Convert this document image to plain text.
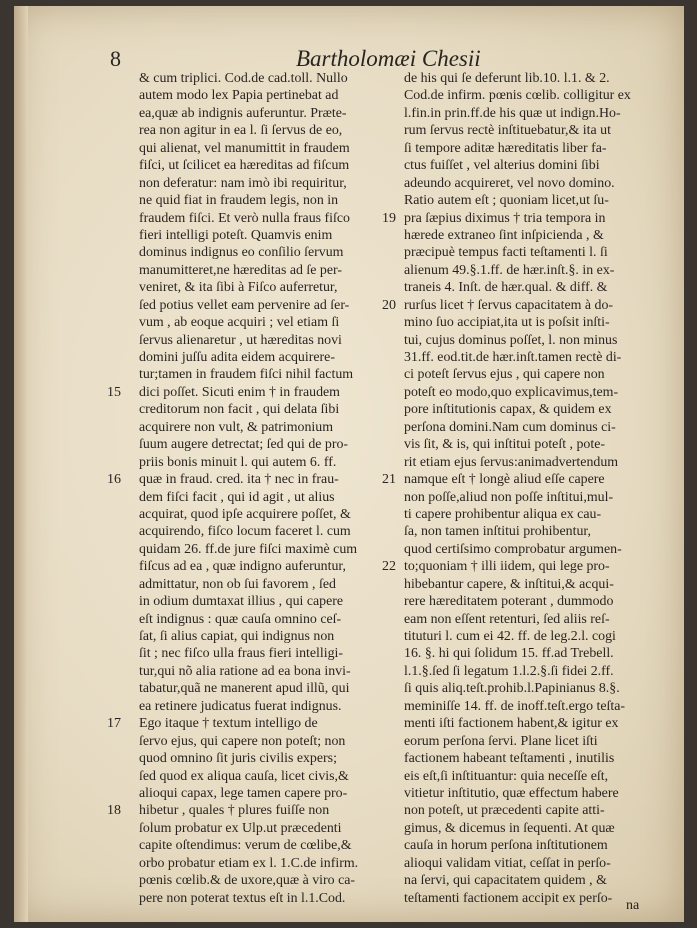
8	Bartholomæi Chesii
& cum triplici. Cod.de cad.toll. Nullo
autem modo lex Papia pertinebat ad
ea,quæ ab indignis auferuntur. Præte-
rea non agitur in ea l. ſi ſervus de eo,
qui alienat, vel manumittit in fraudem
fiſci, ut ſcilicet ea hæreditas ad fiſcum
non deferatur: nam imò ibi requiritur,
ne quid fiat in fraudem legis, non in
fraudem fiſci. Et verò nulla fraus fiſco
fieri intelligi poteſt. Quamvis enim
dominus indignus eo conſilio ſervum
manumitteret,ne hæreditas ad ſe per-
veniret, & ita ſibi à Fiſco auferretur,
ſed potius vellet eam pervenire ad ſer-
vum , ab eoque acquiri ; vel etiam ſi
ſervus alienaretur , ut hæreditas novi
domini juſſu adita eidem acquirere-
tur;tamen in fraudem fiſci nihil factum
15 dici poſſet. Sicuti enim † in fraudem
creditorum non facit , qui delata ſibi
acquirere non vult, & patrimonium
ſuum augere detrectat; ſed qui de pro-
priis bonis minuit l. qui autem 6. ff.
16 quæ in fraud. cred. ita † nec in frau-
dem fiſci facit , qui id agit , ut alius
acquirat, quod ipſe acquirere poſſet, &
acquirendo, fiſco locum faceret l. cum
quidam 26. ff.de jure fiſci maximè cum
fiſcus ad ea , quæ indigno auferuntur,
admittatur, non ob ſui favorem , ſed
in odium dumtaxat illius , qui capere
eſt indignus : quæ cauſa omnino ceſ-
ſat, ſi alius capiat, qui indignus non
ſit ; nec fiſco ulla fraus fieri intelligi-
tur,qui nõ alia ratione ad ea bona invi-
tabatur,quã ne manerent apud illũ, qui
ea retinere judicatus fuerat indignus.
17 Ego itaque † textum intelligo de
ſervo ejus, qui capere non poteſt; non
quod omnino ſit juris civilis expers;
ſed quod ex aliqua cauſa, licet civis,&
alioqui capax, lege tamen capere pro-
18 hibetur , quales † plures fuiſſe non
ſolum probatur ex Ulp.ut præcedenti
capite oſtendimus: verum de cœlibe,&
orbo probatur etiam ex l. 1.C.de infirm.
pœnis cœlib.& de uxore,quæ à viro ca-
pere non poterat textus eſt in l.1.Cod.
de his qui ſe deferunt lib.10. l.1. & 2.
Cod.de infirm. pœnis cœlib. colligitur ex
l.fin.in prin.ff.de his quæ ut indign.Ho-
rum ſervus rectè inſtituebatur,& ita ut
ſi tempore aditæ hæreditatis liber fa-
ctus fuiſſet , vel alterius domini ſibi
adeundo acquireret, vel novo domino.
Ratio autem eſt ; quoniam licet,ut ſu-
19 pra ſæpius diximus † tria tempora in
hærede extraneo ſint inſpicienda , &
præcipuè tempus facti teſtamenti l. ſi
alienum 49.§.1.ff. de hær.inſt.§. in ex-
traneis 4. Inſt. de hær.qual. & diff. &
20 rurſus licet † ſervus capacitatem à do-
mino ſuo accipiat,ita ut is poſsit inſti-
tui, cujus dominus poſſet, l. non minus
31.ff. eod.tit.de hær.inſt.tamen rectè di-
ci poteſt ſervus ejus , qui capere non
poteſt eo modo,quo explicavimus,tem-
pore inſtitutionis capax, & quidem ex
perſona domini.Nam cum dominus ci-
vis ſit, & is, qui inſtitui poteſt , pote-
rit etiam ejus ſervus:animadvertendum
21 namque eſt † longè aliud eſſe capere
non poſſe,aliud non poſſe inſtitui,mul-
ti capere prohibentur aliqua ex cau-
ſa, non tamen inſtitui prohibentur,
quod certiſsimo comprobatur argumen-
22 to;quoniam † illi iidem, qui lege pro-
hibebantur capere, & inſtitui,& acqui-
rere hæreditatem poterant , dummodo
eam non eſſent retenturi, ſed aliis reſ-
tituturi l. cum ei 42. ff. de leg.2.l. cogi
16. §. hi qui ſolidum 15. ff.ad Trebell.
l.1.§.ſed ſi legatum 1.l.2.§.ſi fidei 2.ff.
ſi quis aliq.teſt.prohib.l.Papinianus 8.§.
meminiſſe 14. ff. de inoff.teſt.ergo teſta-
menti iſti factionem habent,& igitur ex
eorum perſona ſervi. Plane licet iſti
factionem habeant teſtamenti , inutilis
eis eſt,ſi inſtituantur: quia neceſſe eſt,
vitietur inſtitutio, quæ effectum habere
non poteſt, ut præcedenti capite atti-
gimus, & dicemus in ſequenti. At quæ
cauſa in horum perſona inſtitutionem
alioqui validam vitiat, ceſſat in perſo-
na ſervi, qui capacitatem quidem , &
teſtamenti factionem accipit ex perſo- na
